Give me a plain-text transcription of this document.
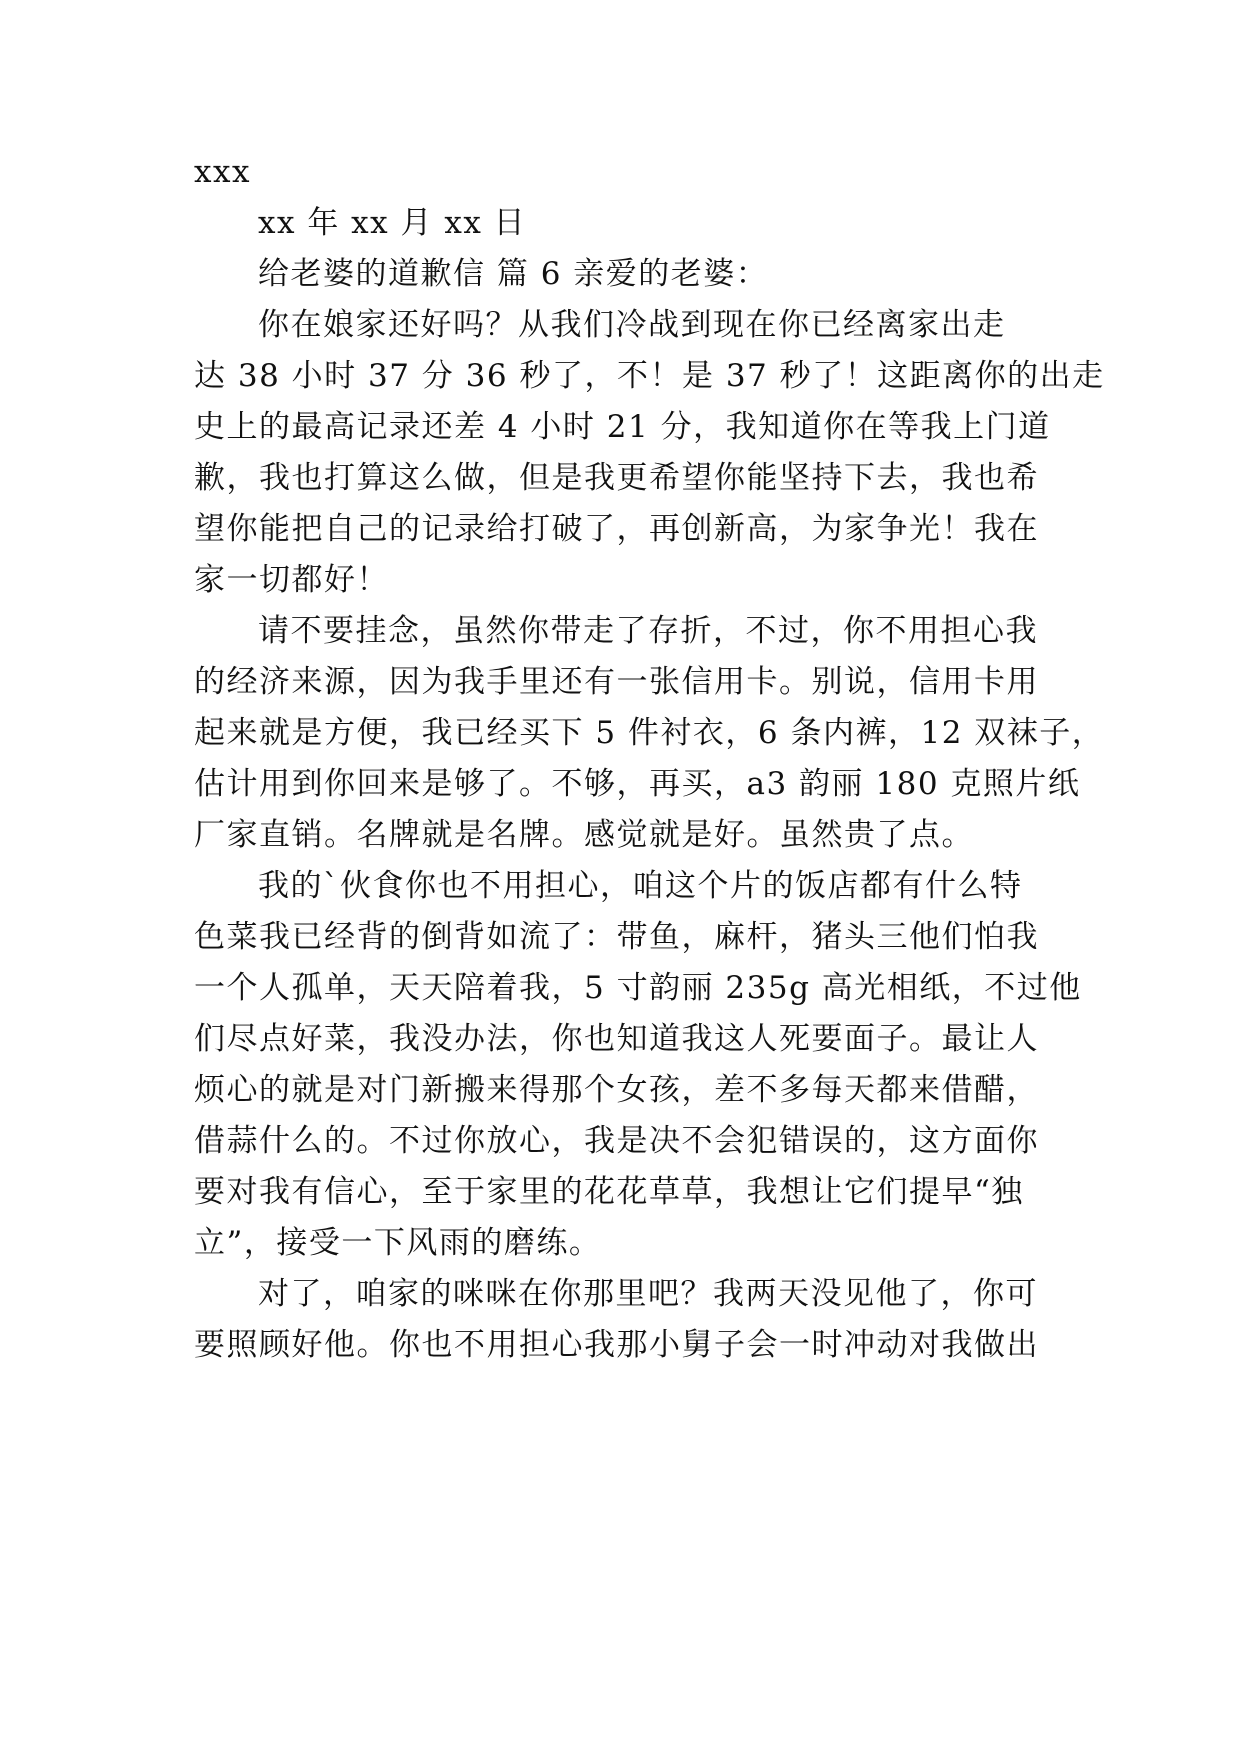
xxx
xx 年 xx 月 xx 日
给老婆的道歉信 篇 6 亲爱的老婆：
你在娘家还好吗？从我们冷战到现在你已经离家出走
达 38 小时 37 分 36 秒了，不！是 37 秒了！这距离你的出走
史上的最高记录还差 4 小时 21 分，我知道你在等我上门道
歉，我也打算这么做，但是我更希望你能坚持下去，我也希
望你能把自己的记录给打破了，再创新高，为家争光！我在
家一切都好！
请不要挂念，虽然你带走了存折，不过，你不用担心我
的经济来源，因为我手里还有一张信用卡。别说，信用卡用
起来就是方便，我已经买下 5 件衬衣，6 条内裤，12 双袜子，
估计用到你回来是够了。不够，再买，a3 韵丽 180 克照片纸
厂家直销。名牌就是名牌。感觉就是好。虽然贵了点。
我的`伙食你也不用担心，咱这个片的饭店都有什么特
色菜我已经背的倒背如流了：带鱼，麻杆，猪头三他们怕我
一个人孤单，天天陪着我，5 寸韵丽 235g 高光相纸，不过他
们尽点好菜，我没办法，你也知道我这人死要面子。最让人
烦心的就是对门新搬来得那个女孩，差不多每天都来借醋，
借蒜什么的。不过你放心，我是决不会犯错误的，这方面你
要对我有信心，至于家里的花花草草，我想让它们提早“独
立”，接受一下风雨的磨练。
对了，咱家的咪咪在你那里吧？我两天没见他了，你可
要照顾好他。你也不用担心我那小舅子会一时冲动对我做出
